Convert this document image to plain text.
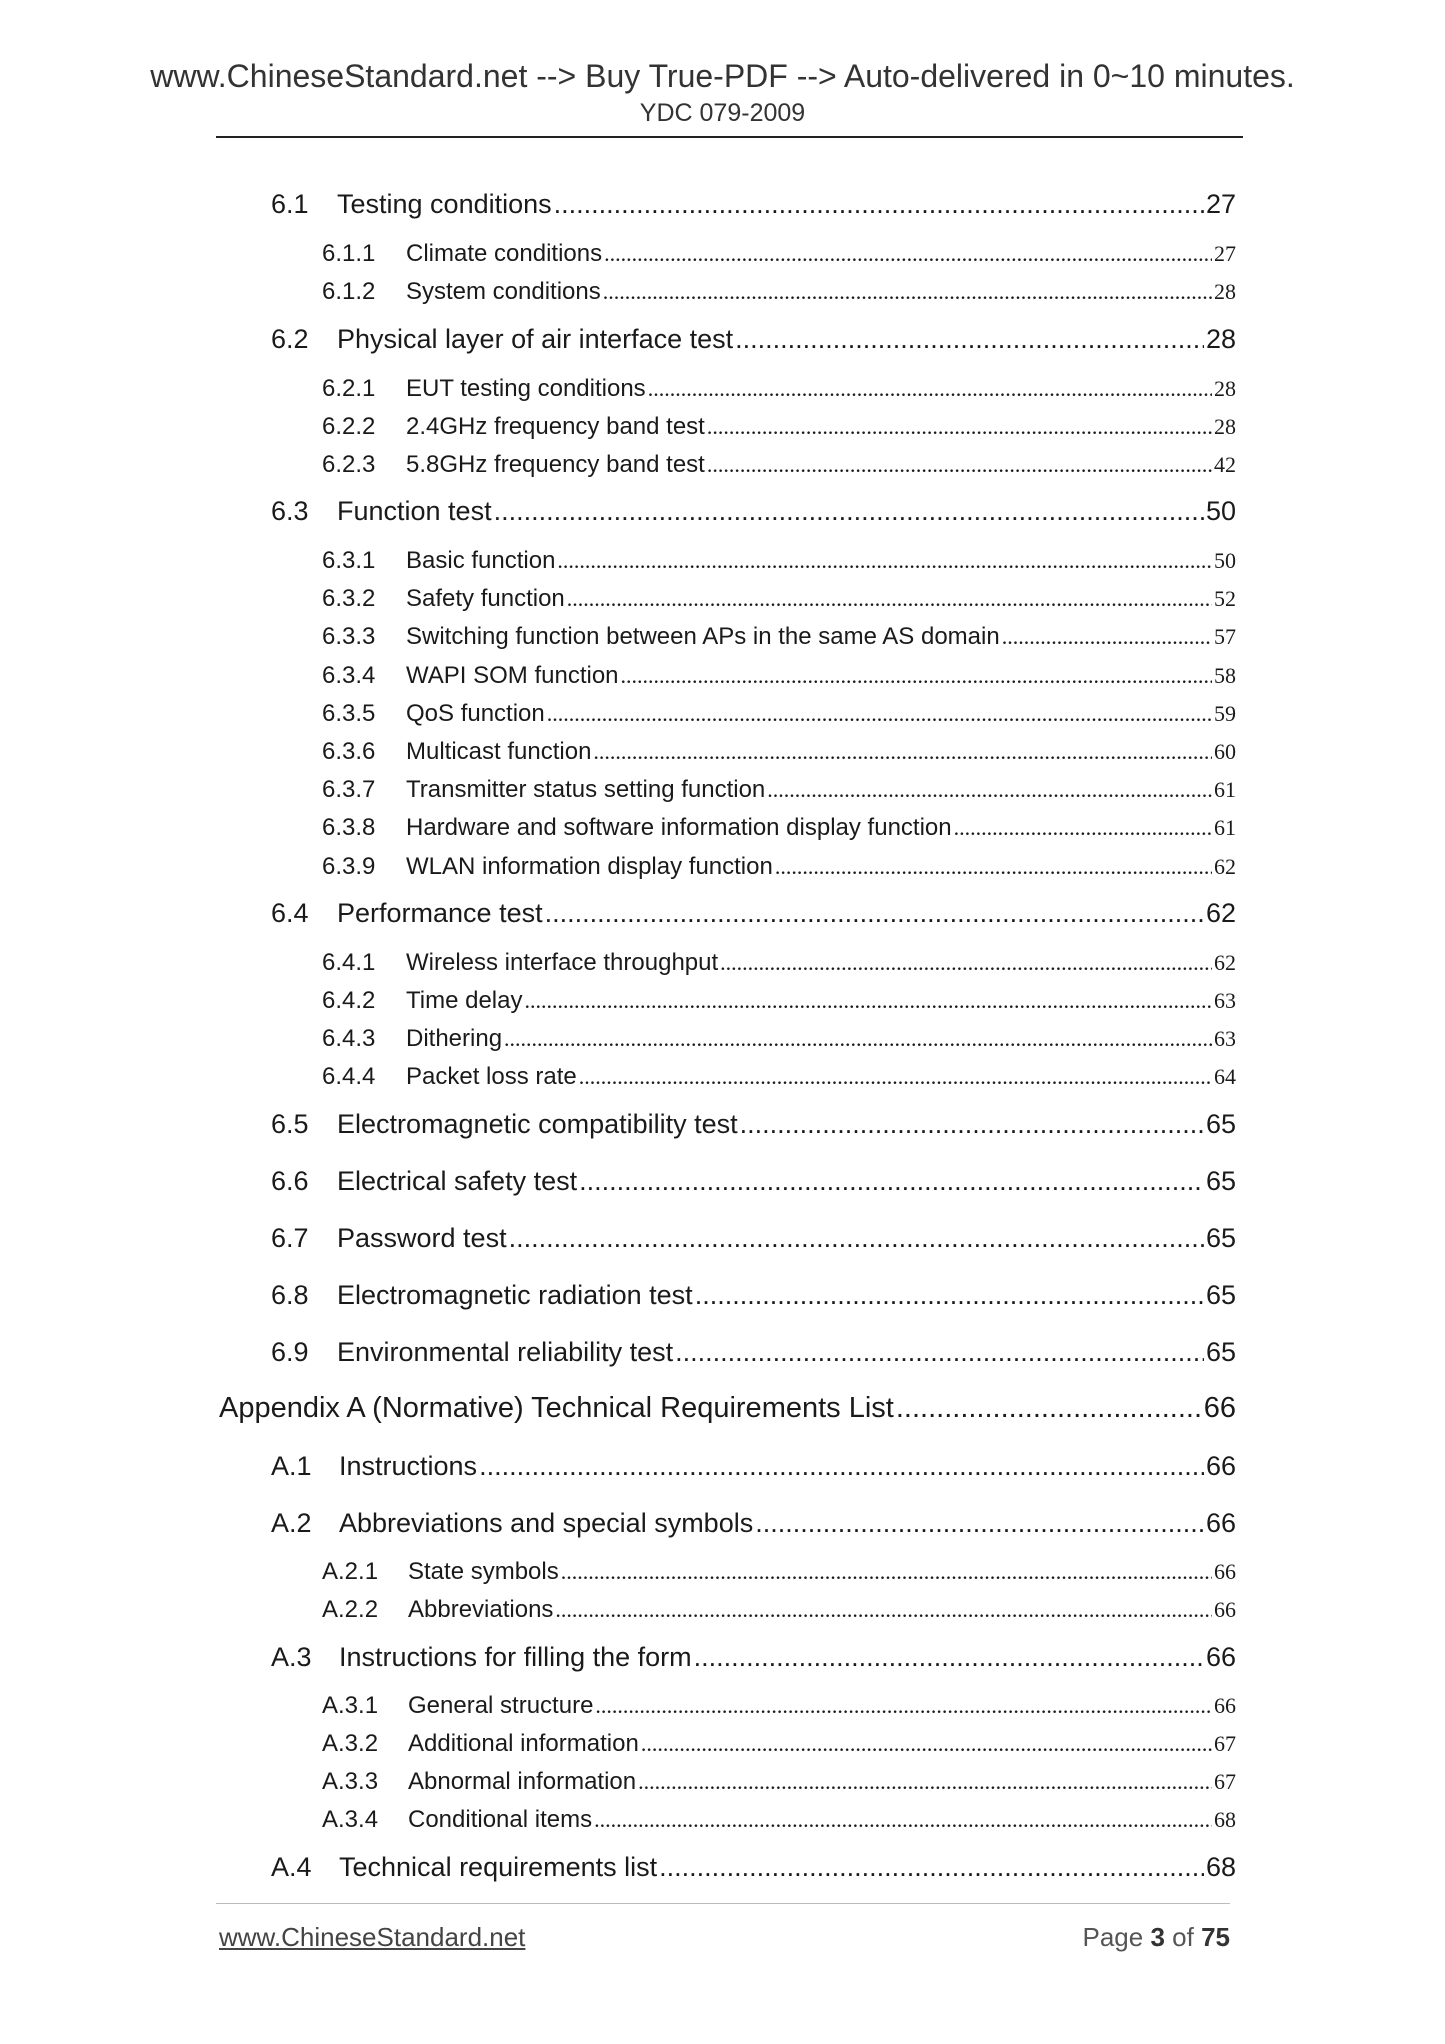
www.ChineseStandard.net --> Buy True-PDF --> Auto-delivered in 0~10 minutes.
YDC 079-2009
6.1	Testing conditions .....	27
6.1.1	Climate conditions .....	27
6.1.2	System conditions .....	28
6.2	Physical layer of air interface test .....	28
6.2.1	EUT testing conditions .....	28
6.2.2	2.4GHz frequency band test .....	28
6.2.3	5.8GHz frequency band test .....	42
6.3	Function test .....	50
6.3.1	Basic function .....	50
6.3.2	Safety function .....	52
6.3.3	Switching function between APs in the same AS domain .....	57
6.3.4	WAPI SOM function .....	58
6.3.5	QoS function .....	59
6.3.6	Multicast function .....	60
6.3.7	Transmitter status setting function .....	61
6.3.8	Hardware and software information display function .....	61
6.3.9	WLAN information display function .....	62
6.4	Performance test .....	62
6.4.1	Wireless interface throughput .....	62
6.4.2	Time delay .....	63
6.4.3	Dithering .....	63
6.4.4	Packet loss rate .....	64
6.5	Electromagnetic compatibility test .....	65
6.6	Electrical safety test .....	65
6.7	Password test .....	65
6.8	Electromagnetic radiation test .....	65
6.9	Environmental reliability test .....	65
Appendix A (Normative) Technical Requirements List .....	66
A.1	Instructions .....	66
A.2	Abbreviations and special symbols .....	66
A.2.1	State symbols .....	66
A.2.2	Abbreviations .....	66
A.3	Instructions for filling the form .....	66
A.3.1	General structure .....	66
A.3.2	Additional information .....	67
A.3.3	Abnormal information .....	67
A.3.4	Conditional items .....	68
A.4	Technical requirements list .....	68
www.ChineseStandard.net	Page 3 of 75
